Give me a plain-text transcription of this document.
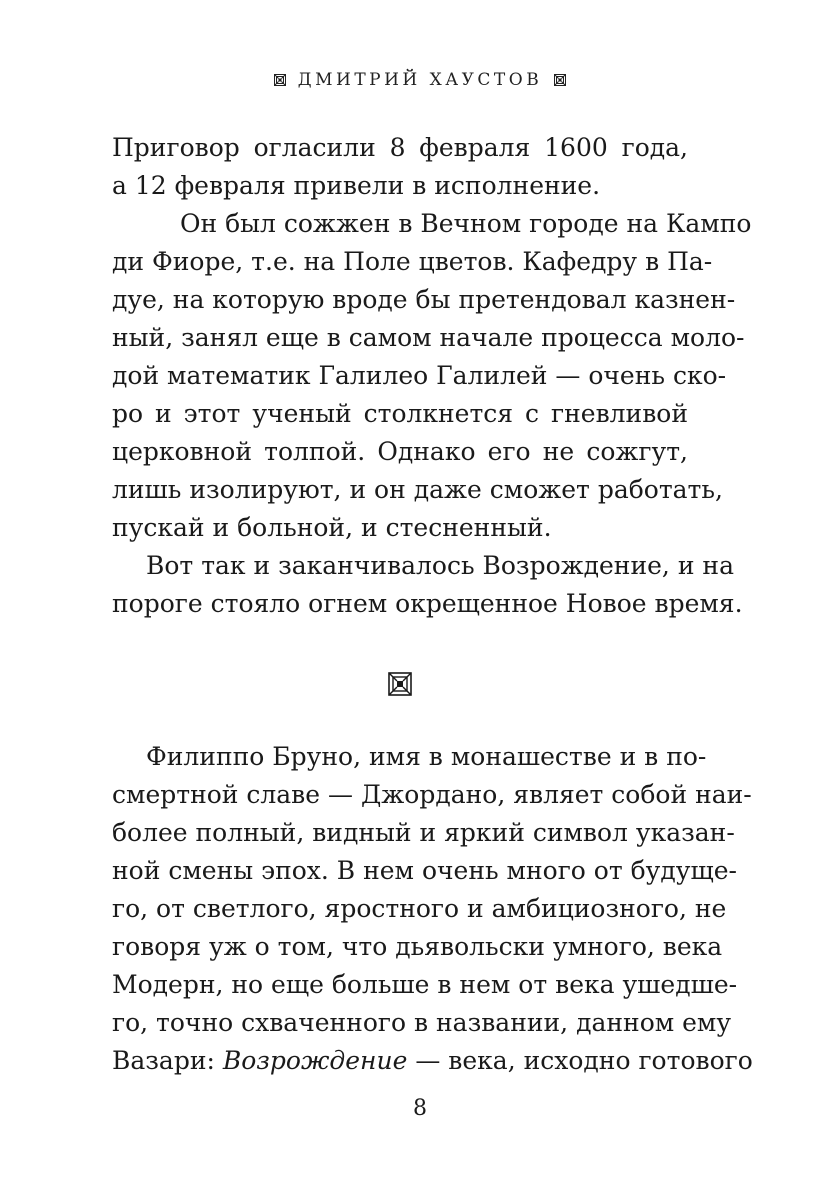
ДМИТРИЙ ХАУСТОВ
Приговор огласили 8 февраля 1600 года,
а 12 февраля привели в исполнение.
Он был сожжен в Вечном городе на Кампо
ди Фиоре, т.е. на Поле цветов. Кафедру в Па-
дуе, на которую вроде бы претендовал казнен-
ный, занял еще в самом начале процесса моло-
дой математик Галилео Галилей — очень ско-
ро и этот ученый столкнется с гневливой
церковной толпой. Однако его не сожгут,
лишь изолируют, и он даже сможет работать,
пускай и больной, и стесненный.
Вот так и заканчивалось Возрождение, и на
пороге стояло огнем окрещенное Новое время.
Филиппо Бруно, имя в монашестве и в по-
смертной славе — Джордано, являет собой наи-
более полный, видный и яркий символ указан-
ной смены эпох. В нем очень много от будуще-
го, от светлого, яростного и амбициозного, не
говоря уж о том, что дьявольски умного, века
Модерн, но еще больше в нем от века ушедше-
го, точно схваченного в названии, данном ему
Вазари: Возрождение — века, исходно готового
8
